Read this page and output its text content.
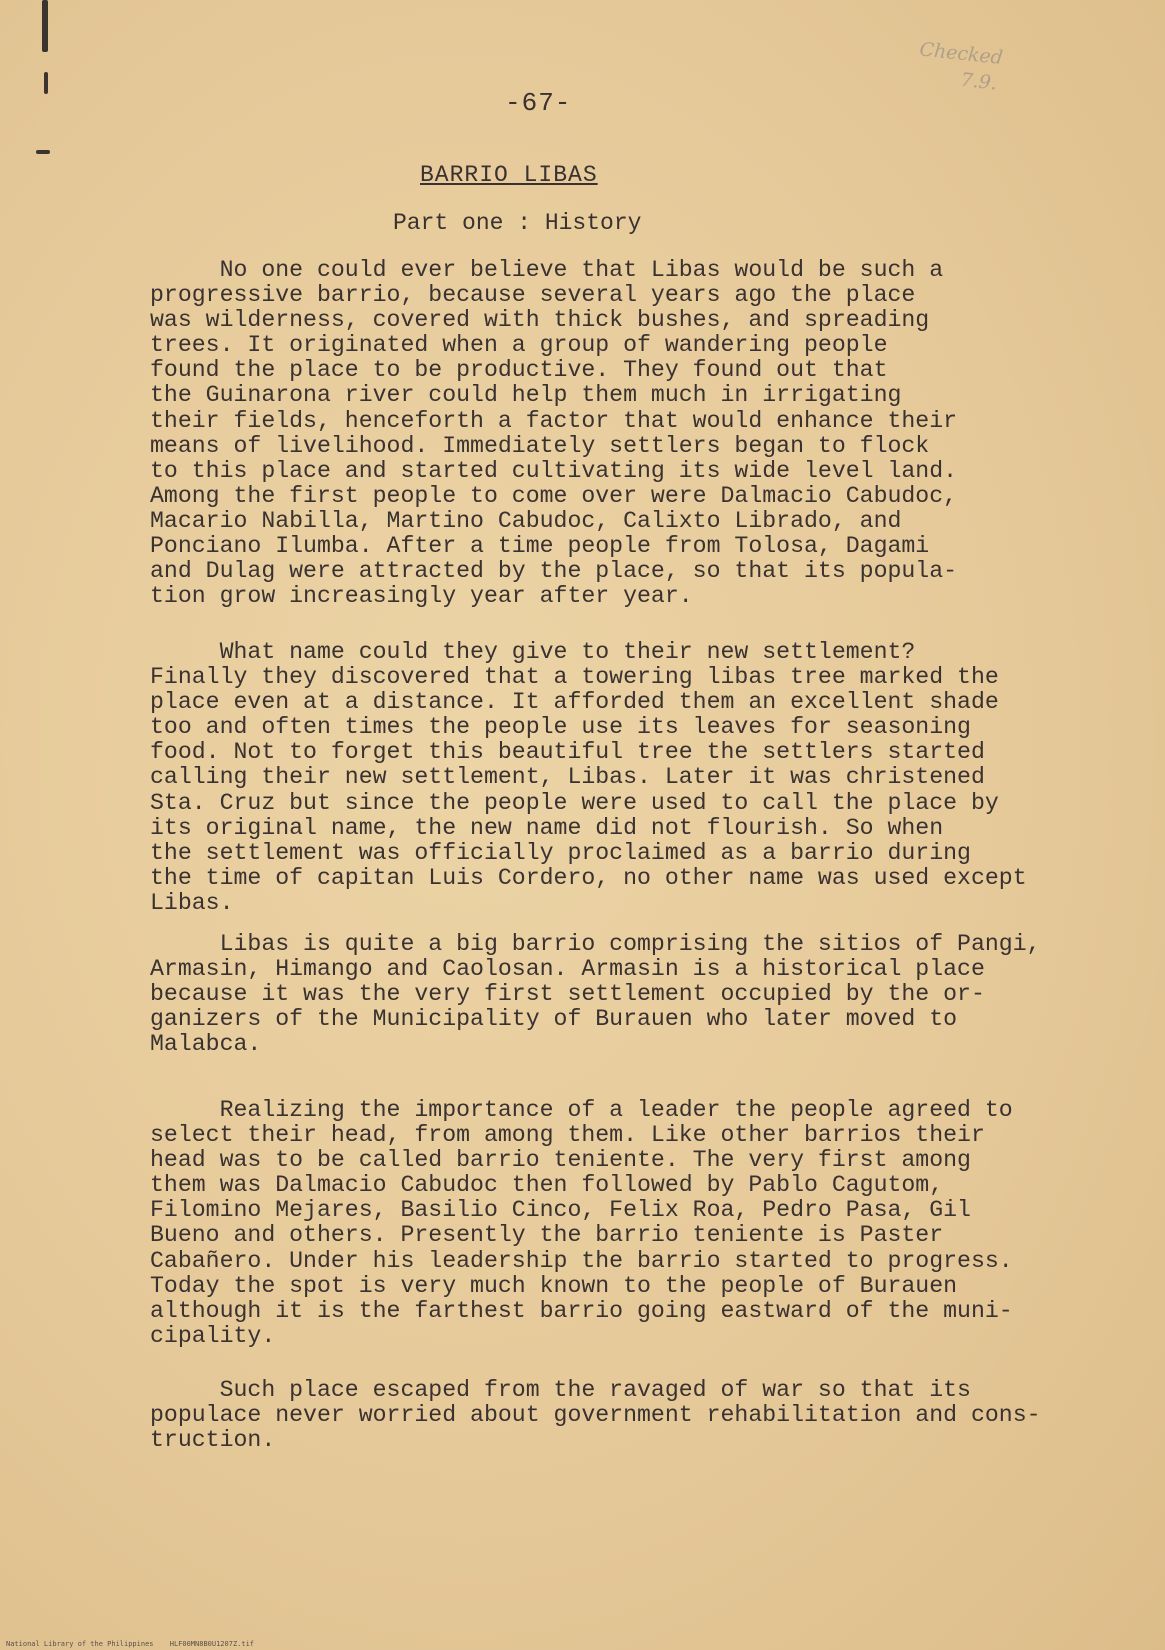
Checked
7.9.
-67-
BARRIO LIBAS
Part one : History

No one could ever believe that Libas would be such a
progressive barrio, because several years ago the place
was wilderness, covered with thick bushes, and spreading
trees. It originated when a group of wandering people
found the place to be productive. They found out that
the Guinarona river could help them much in irrigating
their fields, henceforth a factor that would enhance their
means of livelihood. Immediately settlers began to flock
to this place and started cultivating its wide level land.
Among the first people to come over were Dalmacio Cabudoc,
Macario Nabilla, Martino Cabudoc, Calixto Librado, and
Ponciano Ilumba. After a time people from Tolosa, Dagami
and Dulag were attracted by the place, so that its popula-
tion grow increasingly year after year.

What name could they give to their new settlement?
Finally they discovered that a towering libas tree marked the
place even at a distance. It afforded them an excellent shade
too and often times the people use its leaves for seasoning
food. Not to forget this beautiful tree the settlers started
calling their new settlement, Libas. Later it was christened
Sta. Cruz but since the people were used to call the place by
its original name, the new name did not flourish. So when
the settlement was officially proclaimed as a barrio during
the time of capitan Luis Cordero, no other name was used except
Libas.

Libas is quite a big barrio comprising the sitios of Pangi,
Armasin, Himango and Caolosan. Armasin is a historical place
because it was the very first settlement occupied by the or-
ganizers of the Municipality of Burauen who later moved to
Malabca.

Realizing the importance of a leader the people agreed to
select their head, from among them. Like other barrios their
head was to be called barrio teniente. The very first among
them was Dalmacio Cabudoc then followed by Pablo Cagutom,
Filomino Mejares, Basilio Cinco, Felix Roa, Pedro Pasa, Gil
Bueno and others. Presently the barrio teniente is Paster
Cabañero. Under his leadership the barrio started to progress.
Today the spot is very much known to the people of Burauen
although it is the farthest barrio going eastward of the muni-
cipality.

Such place escaped from the ravaged of war so that its
populace never worried about government rehabilitation and cons-
truction.

National Library of the Philippines HLF00MN8B0U1207Z.tif
